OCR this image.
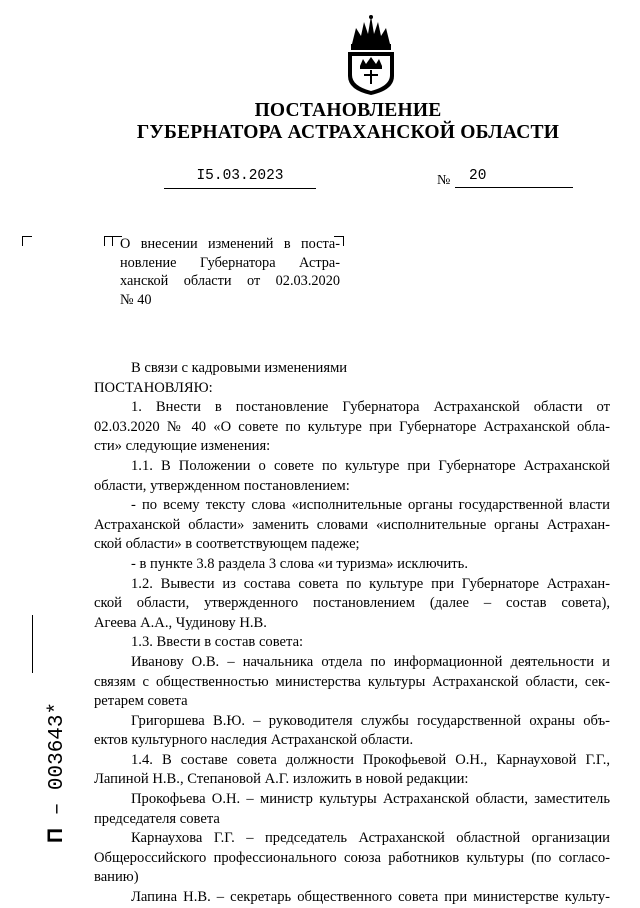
ПОСТАНОВЛЕНИЕ
ГУБЕРНАТОРА АСТРАХАНСКОЙ ОБЛАСТИ
I5.03.2023	№	20
О внесении изменений в поста-
новление Губернатора Астра-
ханской области от 02.03.2020
№ 40
В связи с кадровыми изменениями
ПОСТАНОВЛЯЮ:
1. Внести в постановление Губернатора Астраханской области от
02.03.2020 № 40 «О совете по культуре при Губернаторе Астраханской обла-
сти» следующие изменения:
1.1. В Положении о совете по культуре при Губернаторе Астраханской
области, утвержденном постановлением:
- по всему тексту слова «исполнительные органы государственной власти
Астраханской области» заменить словами «исполнительные органы Астрахан-
ской области» в соответствующем падеже;
- в пункте 3.8 раздела 3 слова «и туризма» исключить.
1.2. Вывести из состава совета по культуре при Губернаторе Астрахан-
ской области, утвержденного постановлением (далее – состав совета),
Агеева А.А., Чудинову Н.В.
1.3. Ввести в состав совета:
Иванову О.В. – начальника отдела по информационной деятельности и
связям с общественностью министерства культуры Астраханской области, сек-
ретарем совета
Григоршева В.Ю. – руководителя службы государственной охраны объ-
ектов культурного наследия Астраханской области.
1.4. В составе совета должности Прокофьевой О.Н., Карнауховой Г.Г.,
Лапиной Н.В., Степановой А.Г. изложить в новой редакции:
Прокофьева О.Н. – министр культуры Астраханской области, заместитель
председателя совета
Карнаухова Г.Г. – председатель Астраханской областной организации
Общероссийского профессионального союза работников культуры (по согласо-
ванию)
Лапина Н.В. – секретарь общественного совета при министерстве культу-
П – 003643*
